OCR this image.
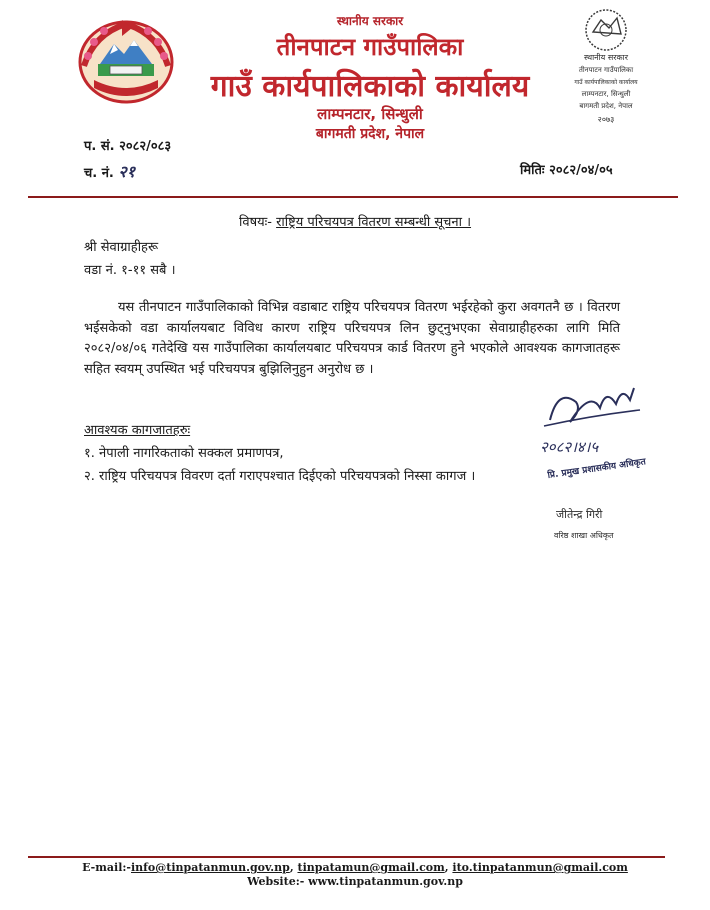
स्थानीय सरकार
तीनपाटन गाउँपालिका
गाउँ कार्यपालिकाको कार्यालय
लाम्पनटार, सिन्धुली
बागमती प्रदेश, नेपाल
स्थानीय सरकार
तीनपाटन गाउँपालिका
गाउँ कार्यपालिकाको कार्यालय
लाम्पनटार, सिन्धुली
बागमती प्रदेश, नेपाल
२०७३
प. सं. २०८२/०८३
च. नं. २१	मितिः २०८२/०४/०५
विषयः- राष्ट्रिय परिचयपत्र वितरण सम्बन्धी सूचना ।
श्री सेवाग्राहीहरू
वडा नं. १-११ सबै ।
यस तीनपाटन गाउँपालिकाको विभिन्न वडाबाट राष्ट्रिय परिचयपत्र वितरण भईरहेको कुरा अवगतनै छ । वितरण भईसकेको वडा कार्यालयबाट विविध कारण राष्ट्रिय परिचयपत्र लिन छुट्नुभएका सेवाग्राहीहरुका लागि मिति २०८२/०४/०६ गतेदेखि यस गाउँपालिका कार्यालयबाट परिचयपत्र कार्ड वितरण हुने भएकोले आवश्यक कागजातहरू सहित स्वयम् उपस्थित भई परिचयपत्र बुझिलिनुहुन अनुरोध छ ।
आवश्यक कागजातहरुः
१. नेपाली नागरिकताको सक्कल प्रमाणपत्र,
२. राष्ट्रिय परिचयपत्र विवरण दर्ता गराएपश्चात दिईएको परिचयपत्रको निस्सा कागज ।
२०८२।४।५
प्रि. प्रमुख प्रशासकीय अधिकृत
जीतेन्द्र गिरी
वरिष्ठ शाखा अधिकृत
E-mail:-info@tinpatanmun.gov.np, tinpatamun@gmail.com, ito.tinpatanmun@gmail.com
Website:- www.tinpatanmun.gov.np
